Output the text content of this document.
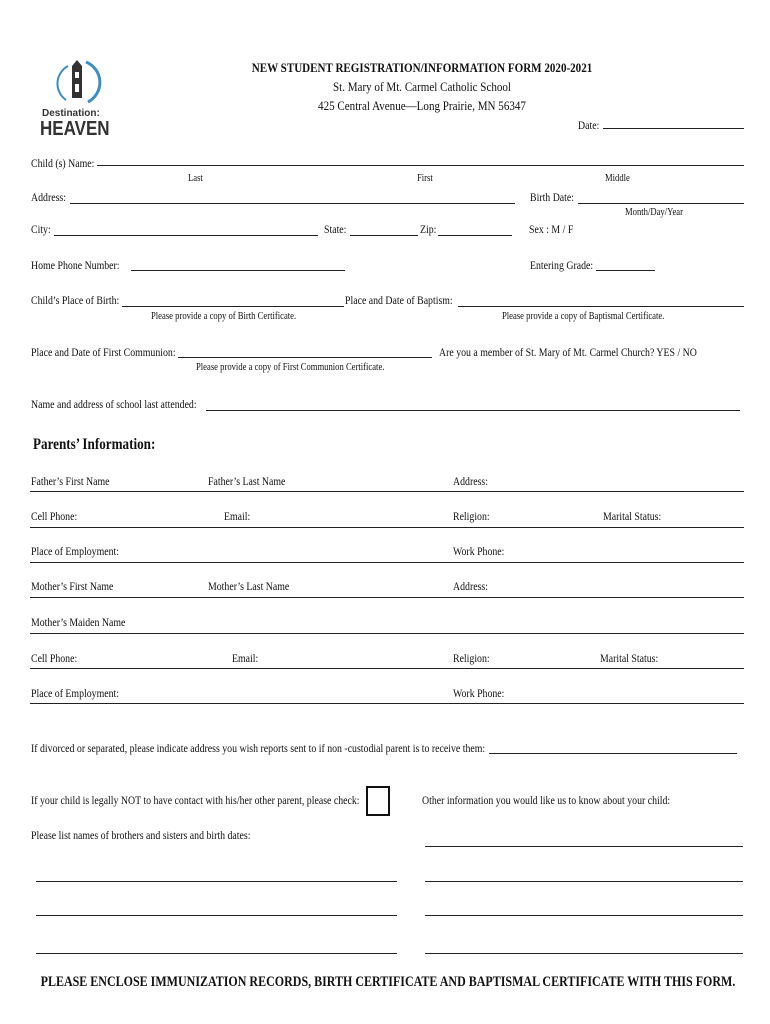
Destination:
HEAVEN
NEW STUDENT REGISTRATION/INFORMATION FORM 2020-2021
St. Mary of Mt. Carmel Catholic School
425 Central Avenue—Long Prairie, MN 56347
Date:
Child (s) Name:
Last	First	Middle
Address:	Birth Date:
Month/Day/Year
City:	State:	Zip:	Sex : M / F
Home Phone Number:	Entering Grade:
Child’s Place of Birth:	Place and Date of Baptism:
Please provide a copy of Birth Certificate.	Please provide a copy of Baptismal Certificate.
Place and Date of First Communion:	Are you a member of St. Mary of Mt. Carmel Church? YES / NO
Please provide a copy of First Communion Certificate.
Name and address of school last attended:
Parents’ Information:
Father’s First Name	Father’s Last Name	Address:
Cell Phone:	Email:	Religion:	Marital Status:
Place of Employment:	Work Phone:
Mother’s First Name	Mother’s Last Name	Address:
Mother’s Maiden Name
Cell Phone:	Email:	Religion:	Marital Status:
Place of Employment:	Work Phone:
If divorced or separated, please indicate address you wish reports sent to if non -custodial parent is to receive them:
If your child is legally NOT to have contact with his/her other parent, please check:	Other information you would like us to know about your child:
Please list names of brothers and sisters and birth dates:
PLEASE ENCLOSE IMMUNIZATION RECORDS, BIRTH CERTIFICATE AND BAPTISMAL CERTIFICATE WITH THIS FORM.
